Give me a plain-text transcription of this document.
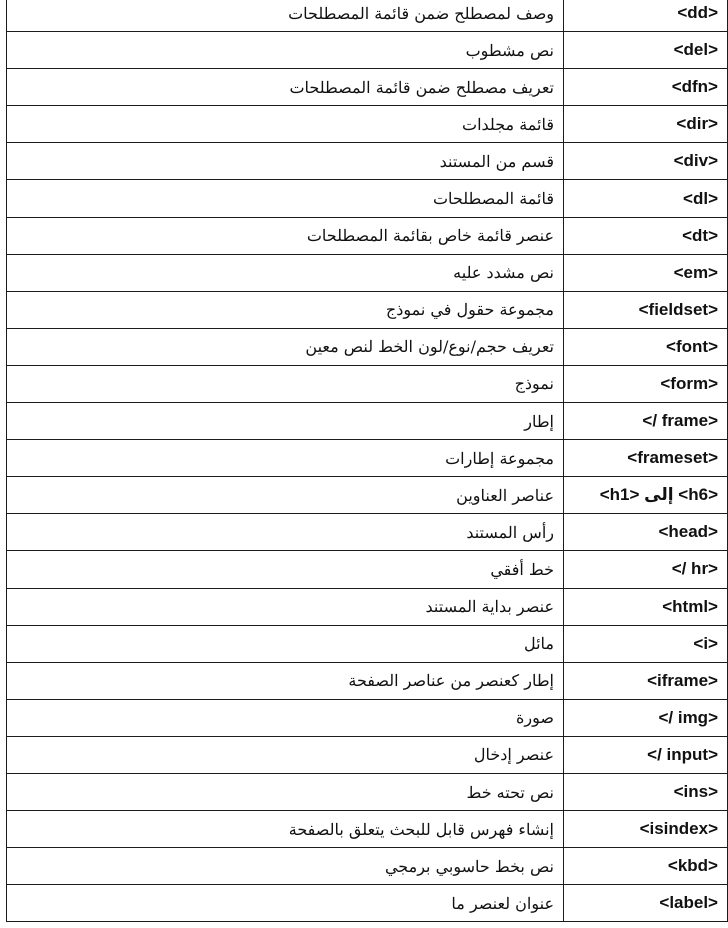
وصف لمصطلح ضمن قائمة المصطلحات	<dd>
نص مشطوب	<del>
تعريف مصطلح ضمن قائمة المصطلحات	<dfn>
قائمة مجلدات	<dir>
قسم من المستند	<div>
قائمة المصطلحات	<dl>
عنصر قائمة خاص بقائمة المصطلحات	<dt>
نص مشدد عليه	<em>
مجموعة حقول في نموذج	<fieldset>
تعريف حجم/نوع/لون الخط لنص معين	<font>
نموذج	<form>
إطار	</ frame>
مجموعة إطارات	<frameset>
عناصر العناوين	<h1> إلى <h6>
رأس المستند	<head>
خط أفقي	</ hr>
عنصر بداية المستند	<html>
مائل	<i>
إطار كعنصر من عناصر الصفحة	<iframe>
صورة	</ img>
عنصر إدخال	</ input>
نص تحته خط	<ins>
إنشاء فهرس قابل للبحث يتعلق بالصفحة	<isindex>
نص بخط حاسوبي برمجي	<kbd>
عنوان لعنصر ما	<label>
